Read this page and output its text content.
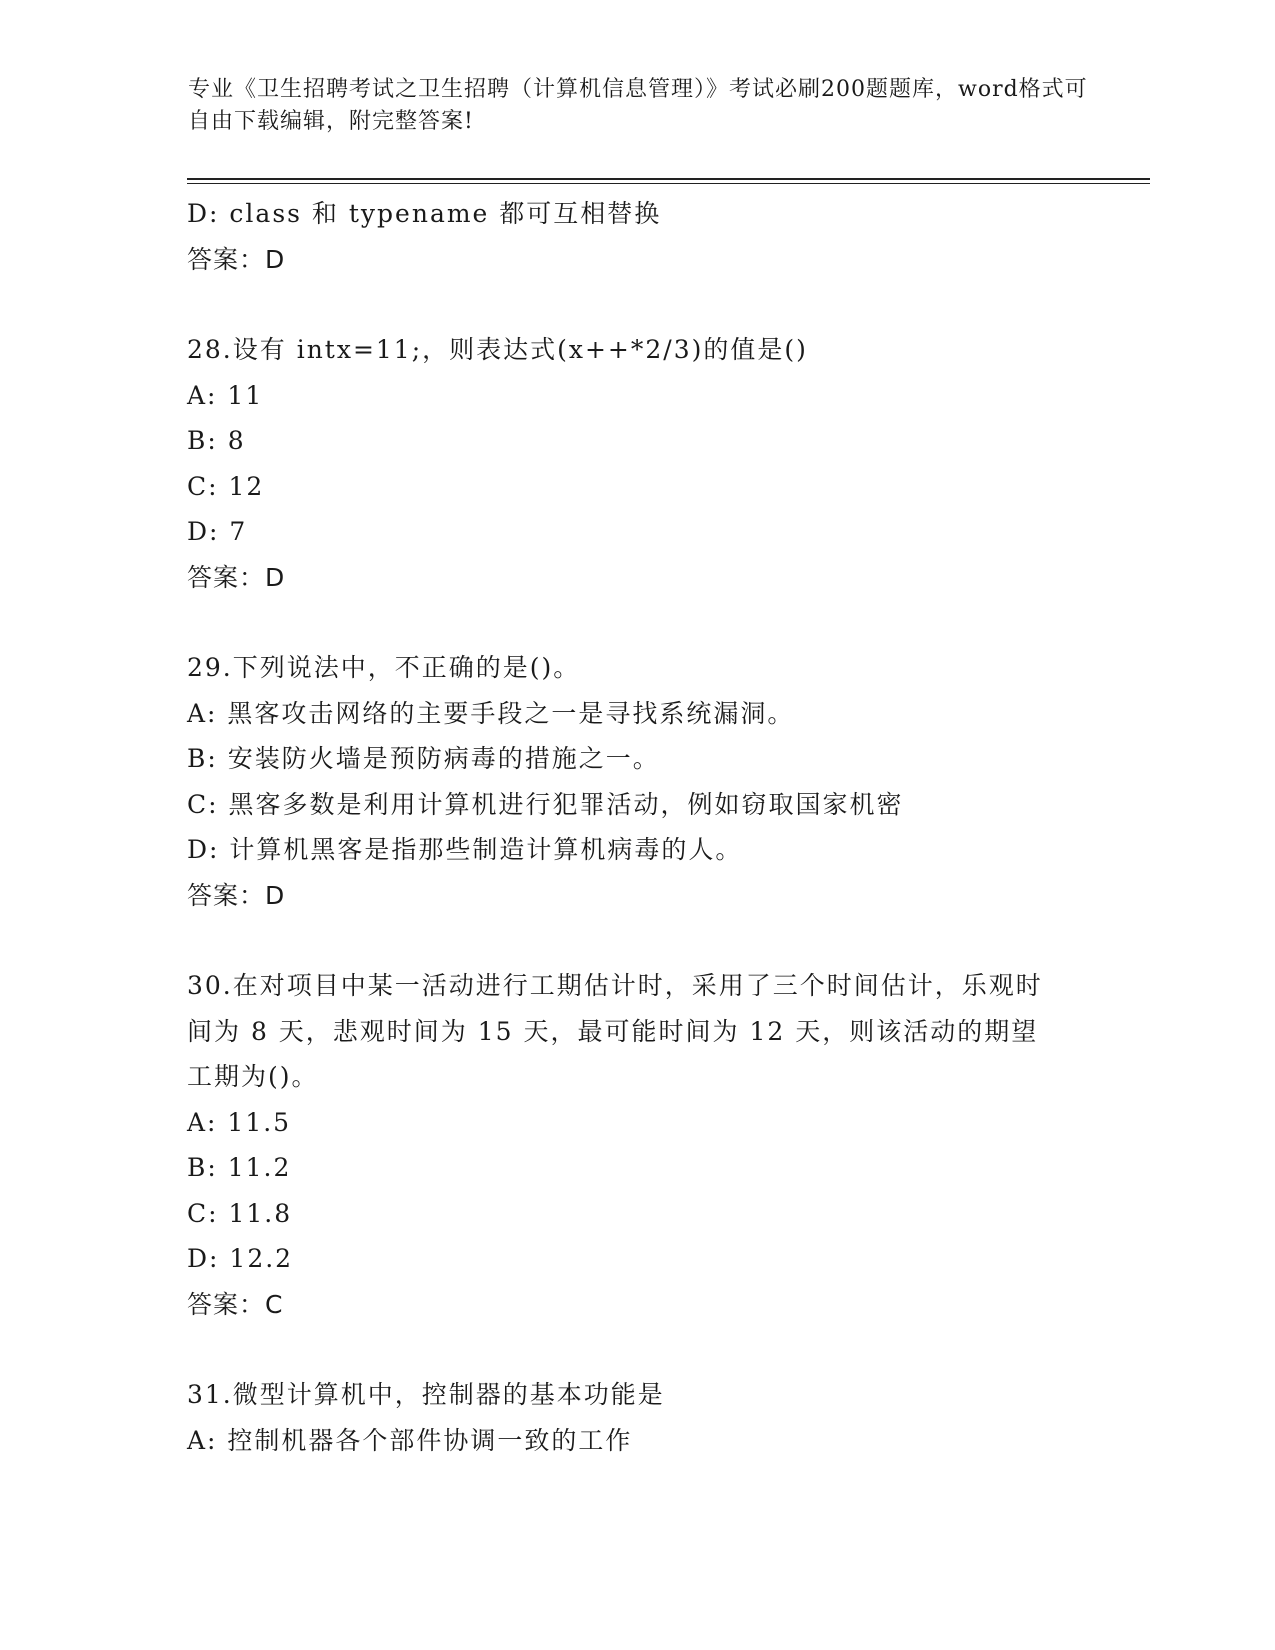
专业《卫生招聘考试之卫生招聘（计算机信息管理）》考试必刷200题题库，word格式可自由下载编辑，附完整答案!
D: class 和 typename 都可互相替换
答案：D
28.设有 intx=11;，则表达式(x++*2/3)的值是()
A: 11
B: 8
C: 12
D: 7
答案：D
29.下列说法中，不正确的是()。
A: 黑客攻击网络的主要手段之一是寻找系统漏洞。
B: 安装防火墙是预防病毒的措施之一。
C: 黑客多数是利用计算机进行犯罪活动，例如窃取国家机密
D: 计算机黑客是指那些制造计算机病毒的人。
答案：D
30.在对项目中某一活动进行工期估计时，采用了三个时间估计，乐观时间为 8 天，悲观时间为 15 天，最可能时间为 12 天，则该活动的期望工期为()。
A: 11.5
B: 11.2
C: 11.8
D: 12.2
答案：C
31.微型计算机中，控制器的基本功能是
A: 控制机器各个部件协调一致的工作
